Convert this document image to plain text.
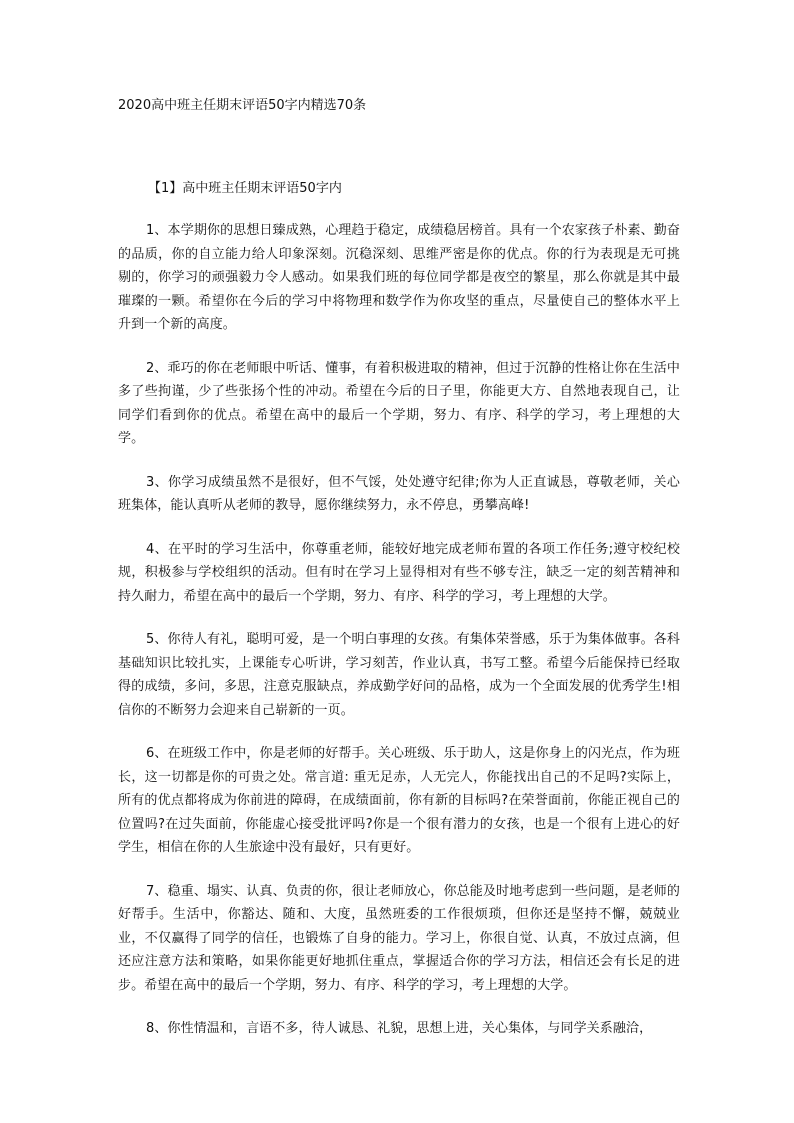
2020高中班主任期末评语50字内精选70条
【1】高中班主任期末评语50字内

1、本学期你的思想日臻成熟，心理趋于稳定，成绩稳居榜首。具有一个农家孩子朴素、勤奋的品质，你的自立能力给人印象深刻。沉稳深刻、思维严密是你的优点。你的行为表现是无可挑剔的，你学习的顽强毅力令人感动。如果我们班的每位同学都是夜空的繁星，那么你就是其中最璀璨的一颗。希望你在今后的学习中将物理和数学作为你攻坚的重点，尽量使自己的整体水平上升到一个新的高度。

2、乖巧的你在老师眼中听话、懂事，有着积极进取的精神，但过于沉静的性格让你在生活中多了些拘谨，少了些张扬个性的冲动。希望在今后的日子里，你能更大方、自然地表现自己，让同学们看到你的优点。希望在高中的最后一个学期，努力、有序、科学的学习，考上理想的大学。

3、你学习成绩虽然不是很好，但不气馁，处处遵守纪律;你为人正直诚恳，尊敬老师，关心班集体，能认真听从老师的教导，愿你继续努力，永不停息，勇攀高峰!

4、在平时的学习生活中，你尊重老师，能较好地完成老师布置的各项工作任务;遵守校纪校规，积极参与学校组织的活动。但有时在学习上显得相对有些不够专注，缺乏一定的刻苦精神和持久耐力，希望在高中的最后一个学期，努力、有序、科学的学习，考上理想的大学。

5、你待人有礼，聪明可爱，是一个明白事理的女孩。有集体荣誉感，乐于为集体做事。各科基础知识比较扎实，上课能专心听讲，学习刻苦，作业认真，书写工整。希望今后能保持已经取得的成绩，多问，多思，注意克服缺点，养成勤学好问的品格，成为一个全面发展的优秀学生!相信你的不断努力会迎来自己崭新的一页。

6、在班级工作中，你是老师的好帮手。关心班级、乐于助人，这是你身上的闪光点，作为班长，这一切都是你的可贵之处。常言道: 重无足赤，人无完人，你能找出自己的不足吗?实际上，所有的优点都将成为你前进的障碍，在成绩面前，你有新的目标吗?在荣誉面前，你能正视自己的位置吗?在过失面前，你能虚心接受批评吗?你是一个很有潜力的女孩，也是一个很有上进心的好学生，相信在你的人生旅途中没有最好，只有更好。

7、稳重、塌实、认真、负责的你，很让老师放心，你总能及时地考虑到一些问题，是老师的好帮手。生活中，你豁达、随和、大度，虽然班委的工作很烦琐，但你还是坚持不懈，兢兢业业，不仅赢得了同学的信任，也锻炼了自身的能力。学习上，你很自觉、认真，不放过点滴，但还应注意方法和策略，如果你能更好地抓住重点，掌握适合你的学习方法，相信还会有长足的进步。希望在高中的最后一个学期，努力、有序、科学的学习，考上理想的大学。

8、你性情温和，言语不多，待人诚恳、礼貌，思想上进，关心集体，与同学关系融洽，
